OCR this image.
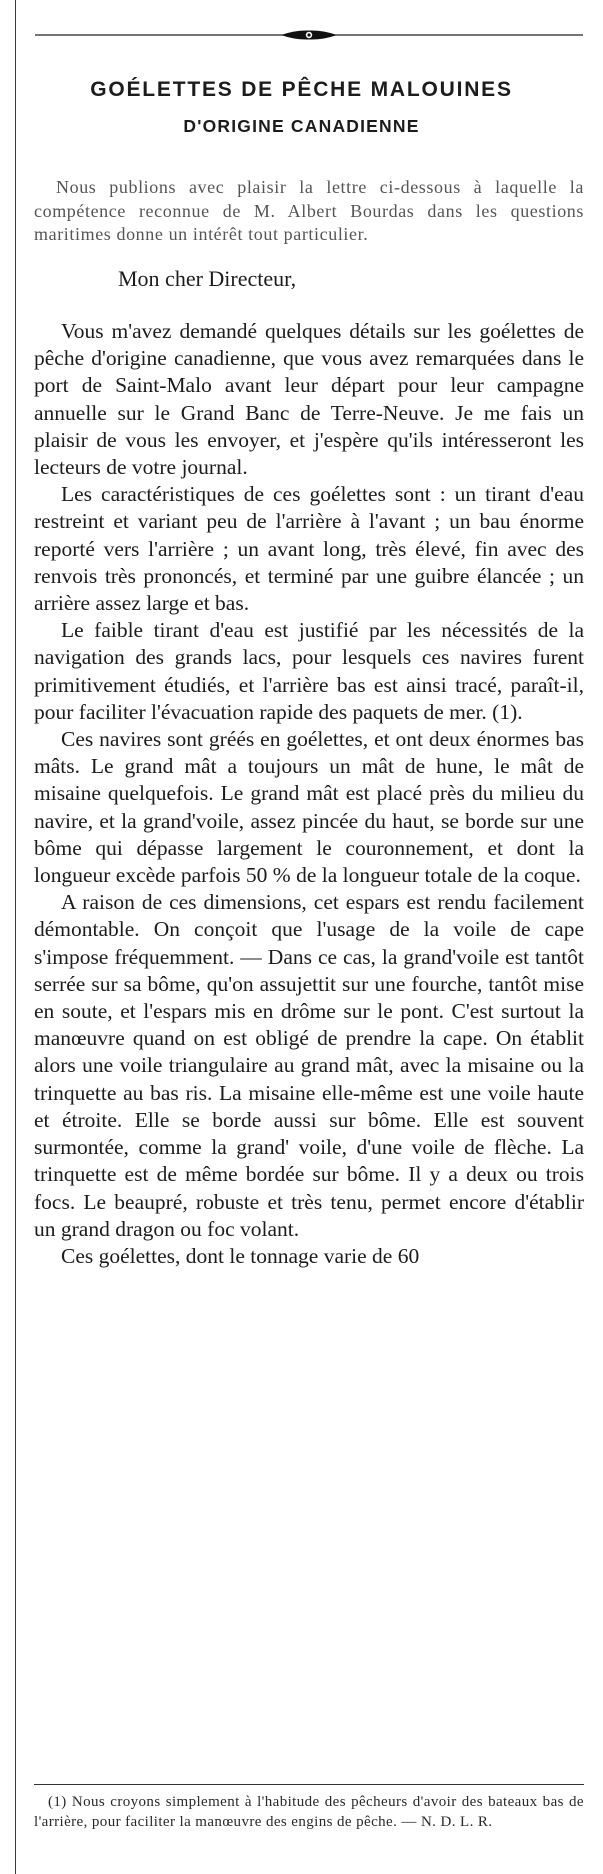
GOÉLETTES DE PÊCHE MALOUINES
D'ORIGINE CANADIENNE

Nous publions avec plaisir la lettre ci-dessous à laquelle la compétence reconnue de M. Albert Bourdas dans les questions maritimes donne un intérêt tout particulier.

Mon cher Directeur,

Vous m'avez demandé quelques détails sur les goélettes de pêche d'origine canadienne, que vous avez remarquées dans le port de Saint-Malo avant leur départ pour leur campagne annuelle sur le Grand Banc de Terre-Neuve. Je me fais un plaisir de vous les envoyer, et j'espère qu'ils intéresseront les lecteurs de votre journal.

Les caractéristiques de ces goélettes sont : un tirant d'eau restreint et variant peu de l'arrière à l'avant ; un bau énorme reporté vers l'arrière ; un avant long, très élevé, fin avec des renvois très prononcés, et terminé par une guibre élancée ; un arrière assez large et bas.

Le faible tirant d'eau est justifié par les nécessités de la navigation des grands lacs, pour lesquels ces navires furent primitivement étudiés, et l'arrière bas est ainsi tracé, paraît-il, pour faciliter l'évacuation rapide des paquets de mer. (1).

Ces navires sont gréés en goélettes, et ont deux énormes bas mâts. Le grand mât a toujours un mât de hune, le mât de misaine quelquefois. Le grand mât est placé près du milieu du navire, et la grand'voile, assez pincée du haut, se borde sur une bôme qui dépasse largement le couronnement, et dont la longueur excède parfois 50 % de la longueur totale de la coque.

A raison de ces dimensions, cet espars est rendu facilement démontable. On conçoit que l'usage de la voile de cape s'impose fréquemment. — Dans ce cas, la grand'voile est tantôt serrée sur sa bôme, qu'on assujettit sur une fourche, tantôt mise en soute, et l'espars mis en drôme sur le pont. C'est surtout la manœuvre quand on est obligé de prendre la cape. On établit alors une voile triangulaire au grand mât, avec la misaine ou la trinquette au bas ris. La misaine elle-même est une voile haute et étroite. Elle se borde aussi sur bôme. Elle est souvent surmontée, comme la grand' voile, d'une voile de flèche. La trinquette est de même bordée sur bôme. Il y a deux ou trois focs. Le beaupré, robuste et très tenu, permet encore d'établir un grand dragon ou foc volant.

Ces goélettes, dont le tonnage varie de 60

(1) Nous croyons simplement à l'habitude des pêcheurs d'avoir des bateaux bas de l'arrière, pour faciliter la manœuvre des engins de pêche. — N. D. L. R.
